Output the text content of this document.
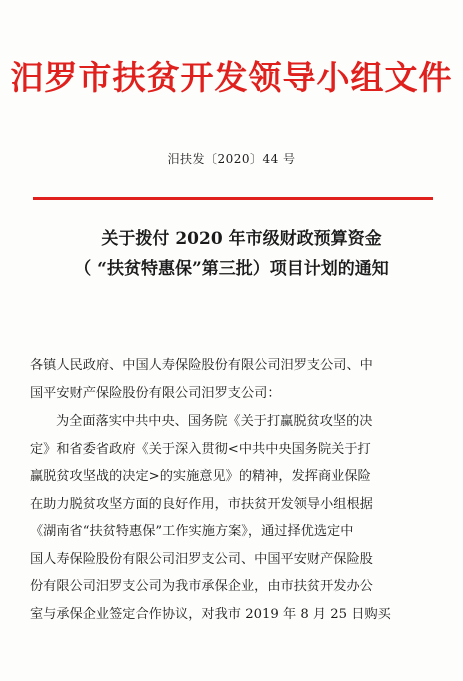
汨罗市扶贫开发领导小组文件
汨扶发〔2020〕44 号
关于拨付 2020 年市级财政预算资金
（ “扶贫特惠保”第三批）项目计划的通知
各镇人民政府、中国人寿保险股份有限公司汨罗支公司、中
国平安财产保险股份有限公司汨罗支公司：
为全面落实中共中央、国务院《关于打赢脱贫攻坚的决
定》和省委省政府《关于深入贯彻<中共中央国务院关于打
赢脱贫攻坚战的决定>的实施意见》的精神，发挥商业保险
在助力脱贫攻坚方面的良好作用，市扶贫开发领导小组根据
《湖南省“扶贫特惠保”工作实施方案》，通过择优选定中
国人寿保险股份有限公司汨罗支公司、中国平安财产保险股
份有限公司汨罗支公司为我市承保企业，由市扶贫开发办公
室与承保企业签定合作协议，对我市 2019 年 8 月 25 日购买
